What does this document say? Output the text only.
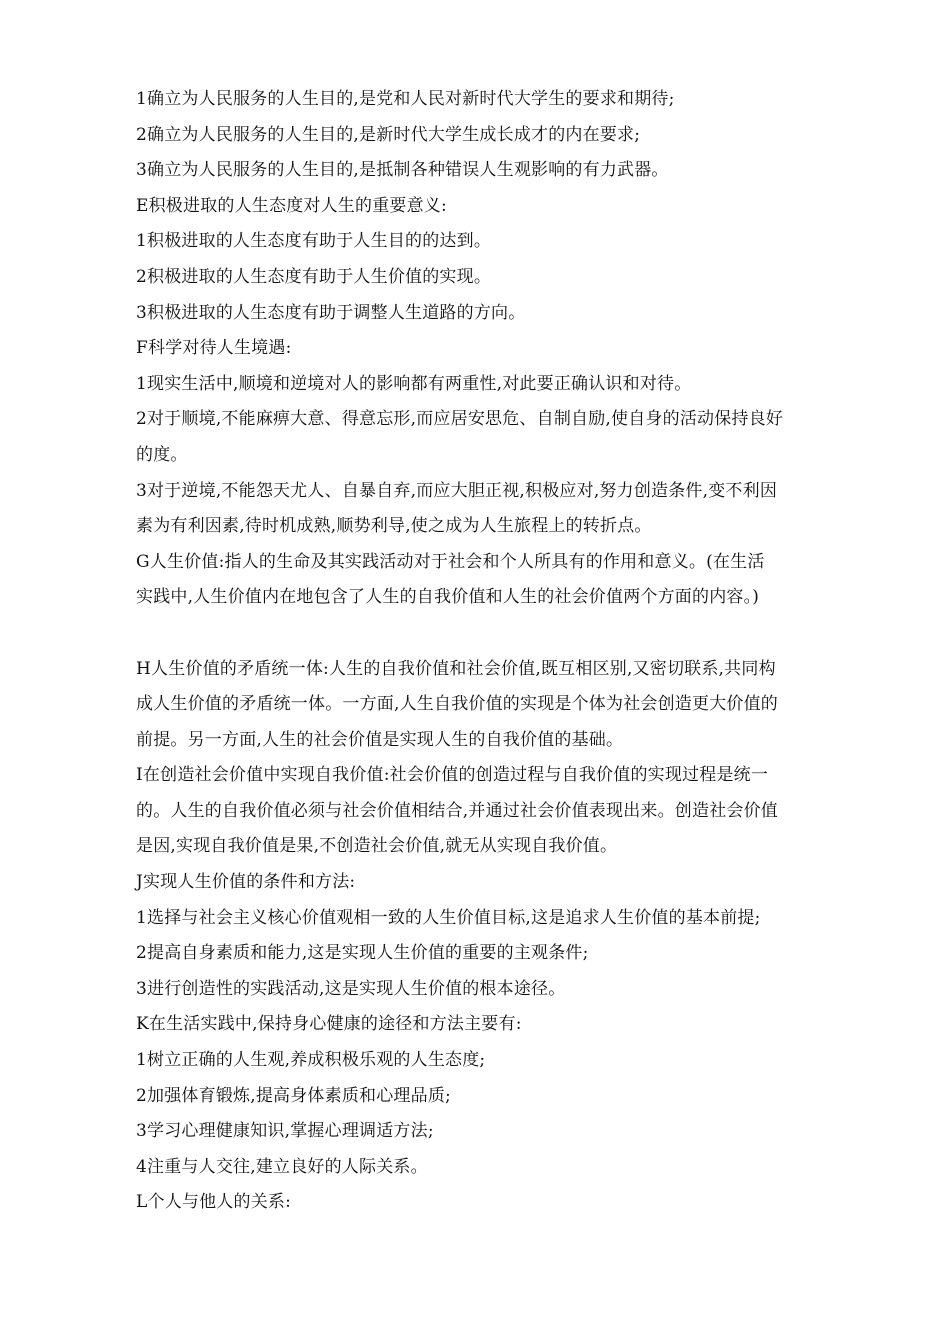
1确立为人民服务的人生目的,是党和人民对新时代大学生的要求和期待;

2确立为人民服务的人生目的,是新时代大学生成长成才的内在要求;

3确立为人民服务的人生目的,是抵制各种错误人生观影响的有力武器。

E积极进取的人生态度对人生的重要意义:

1积极进取的人生态度有助于人生目的的达到。

2积极进取的人生态度有助于人生价值的实现。

3积极进取的人生态度有助于调整人生道路的方向。

F科学对待人生境遇:

1现实生活中,顺境和逆境对人的影响都有两重性,对此要正确认识和对待。

2对于顺境,不能麻痹大意、得意忘形,而应居安思危、自制自励,使自身的活动保持良好

的度。

3对于逆境,不能怨天尤人、自暴自弃,而应大胆正视,积极应对,努力创造条件,变不利因

素为有利因素,待时机成熟,顺势利导,使之成为人生旅程上的转折点。

G人生价值:指人的生命及其实践活动对于社会和个人所具有的作用和意义。(在生活

实践中,人生价值内在地包含了人生的自我价值和人生的社会价值两个方面的内容。)

H人生价值的矛盾统一体:人生的自我价值和社会价值,既互相区别,又密切联系,共同构

成人生价值的矛盾统一体。一方面,人生自我价值的实现是个体为社会创造更大价值的

前提。另一方面,人生的社会价值是实现人生的自我价值的基础。

I在创造社会价值中实现自我价值:社会价值的创造过程与自我价值的实现过程是统一

的。人生的自我价值必须与社会价值相结合,并通过社会价值表现出来。创造社会价值

是因,实现自我价值是果,不创造社会价值,就无从实现自我价值。

J实现人生价值的条件和方法:

1选择与社会主义核心价值观相一致的人生价值目标,这是追求人生价值的基本前提;

2提高自身素质和能力,这是实现人生价值的重要的主观条件;

3进行创造性的实践活动,这是实现人生价值的根本途径。

K在生活实践中,保持身心健康的途径和方法主要有:

1树立正确的人生观,养成积极乐观的人生态度;

2加强体育锻炼,提高身体素质和心理品质;

3学习心理健康知识,掌握心理调适方法;

4注重与人交往,建立良好的人际关系。

L个人与他人的关系:
